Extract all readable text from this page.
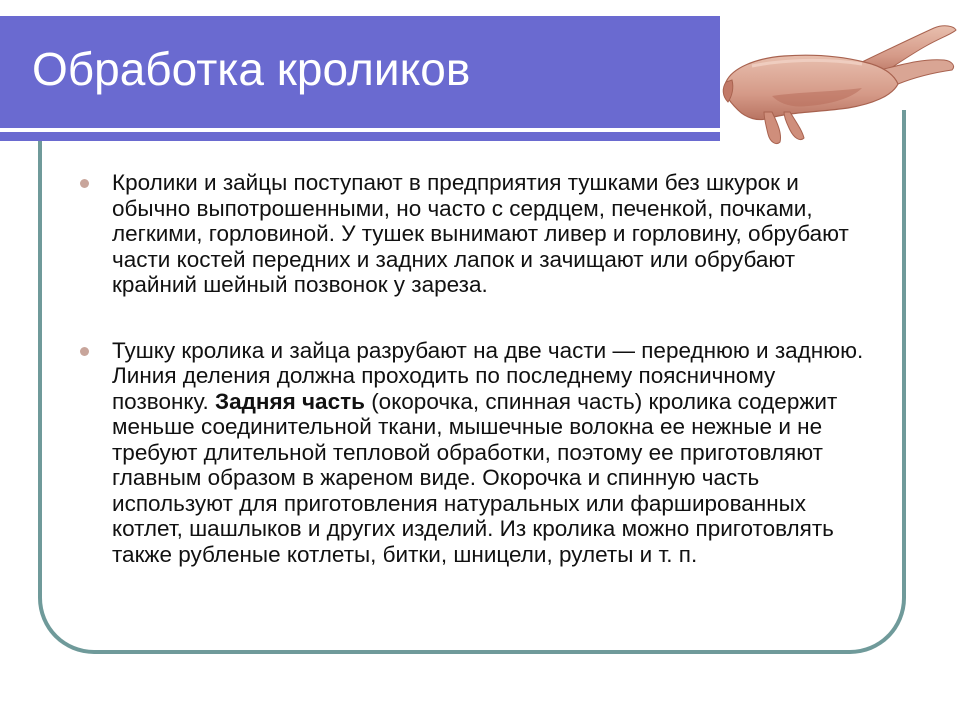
Обработка кроликов
Кролики и зайцы поступают в предприятия тушками без шкурок и обычно выпотрошенными, но часто с сердцем, печенкой, почками, легкими, горловиной. У тушек вынимают ливер и горловину, обрубают части костей передних и задних лапок и зачищают или обрубают крайний шейный позвонок у зареза.
Тушку кролика и зайца разрубают на две части — переднюю и заднюю. Линия деления должна проходить по последнему поясничному позвонку. Задняя часть (окорочка, спинная часть) кролика содержит меньше соединительной ткани, мышечные волокна ее нежные и не требуют длительной тепловой обработки, поэтому ее приготовляют главным образом в жареном виде. Окорочка и спинную часть используют для приготовления натуральных или фаршированных котлет, шашлыков и других изделий. Из кролика можно приготовлять также рубленые котлеты, битки, шницели, рулеты и т. п.
